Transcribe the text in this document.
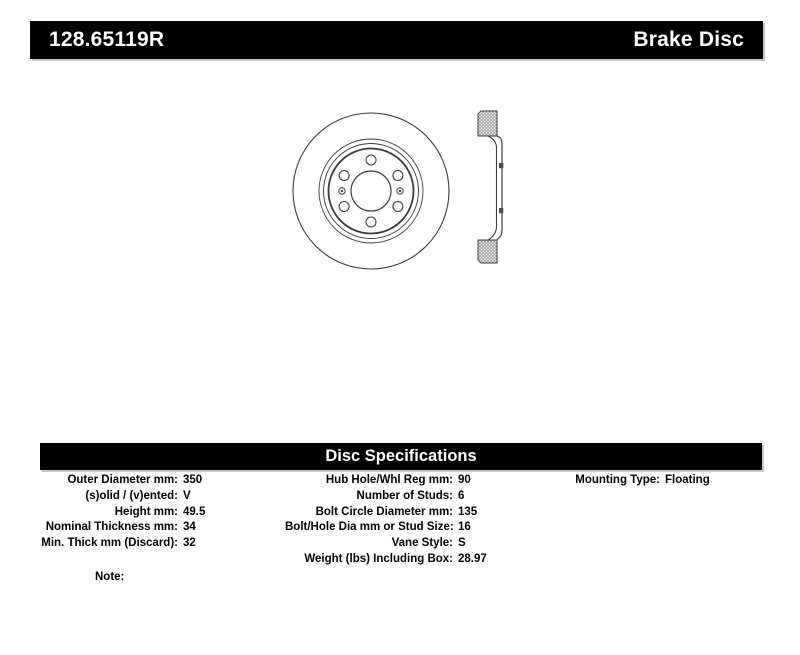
128.65119R	Brake Disc
Disc Specifications
Outer Diameter mm: 350
(s)olid / (v)ented: V
Height mm: 49.5
Nominal Thickness mm: 34
Min. Thick mm (Discard): 32
Hub Hole/Whl Reg mm: 90
Number of Studs: 6
Bolt Circle Diameter mm: 135
Bolt/Hole Dia mm or Stud Size: 16
Vane Style: S
Weight (lbs) Including Box: 28.97
Mounting Type: Floating
Note:
